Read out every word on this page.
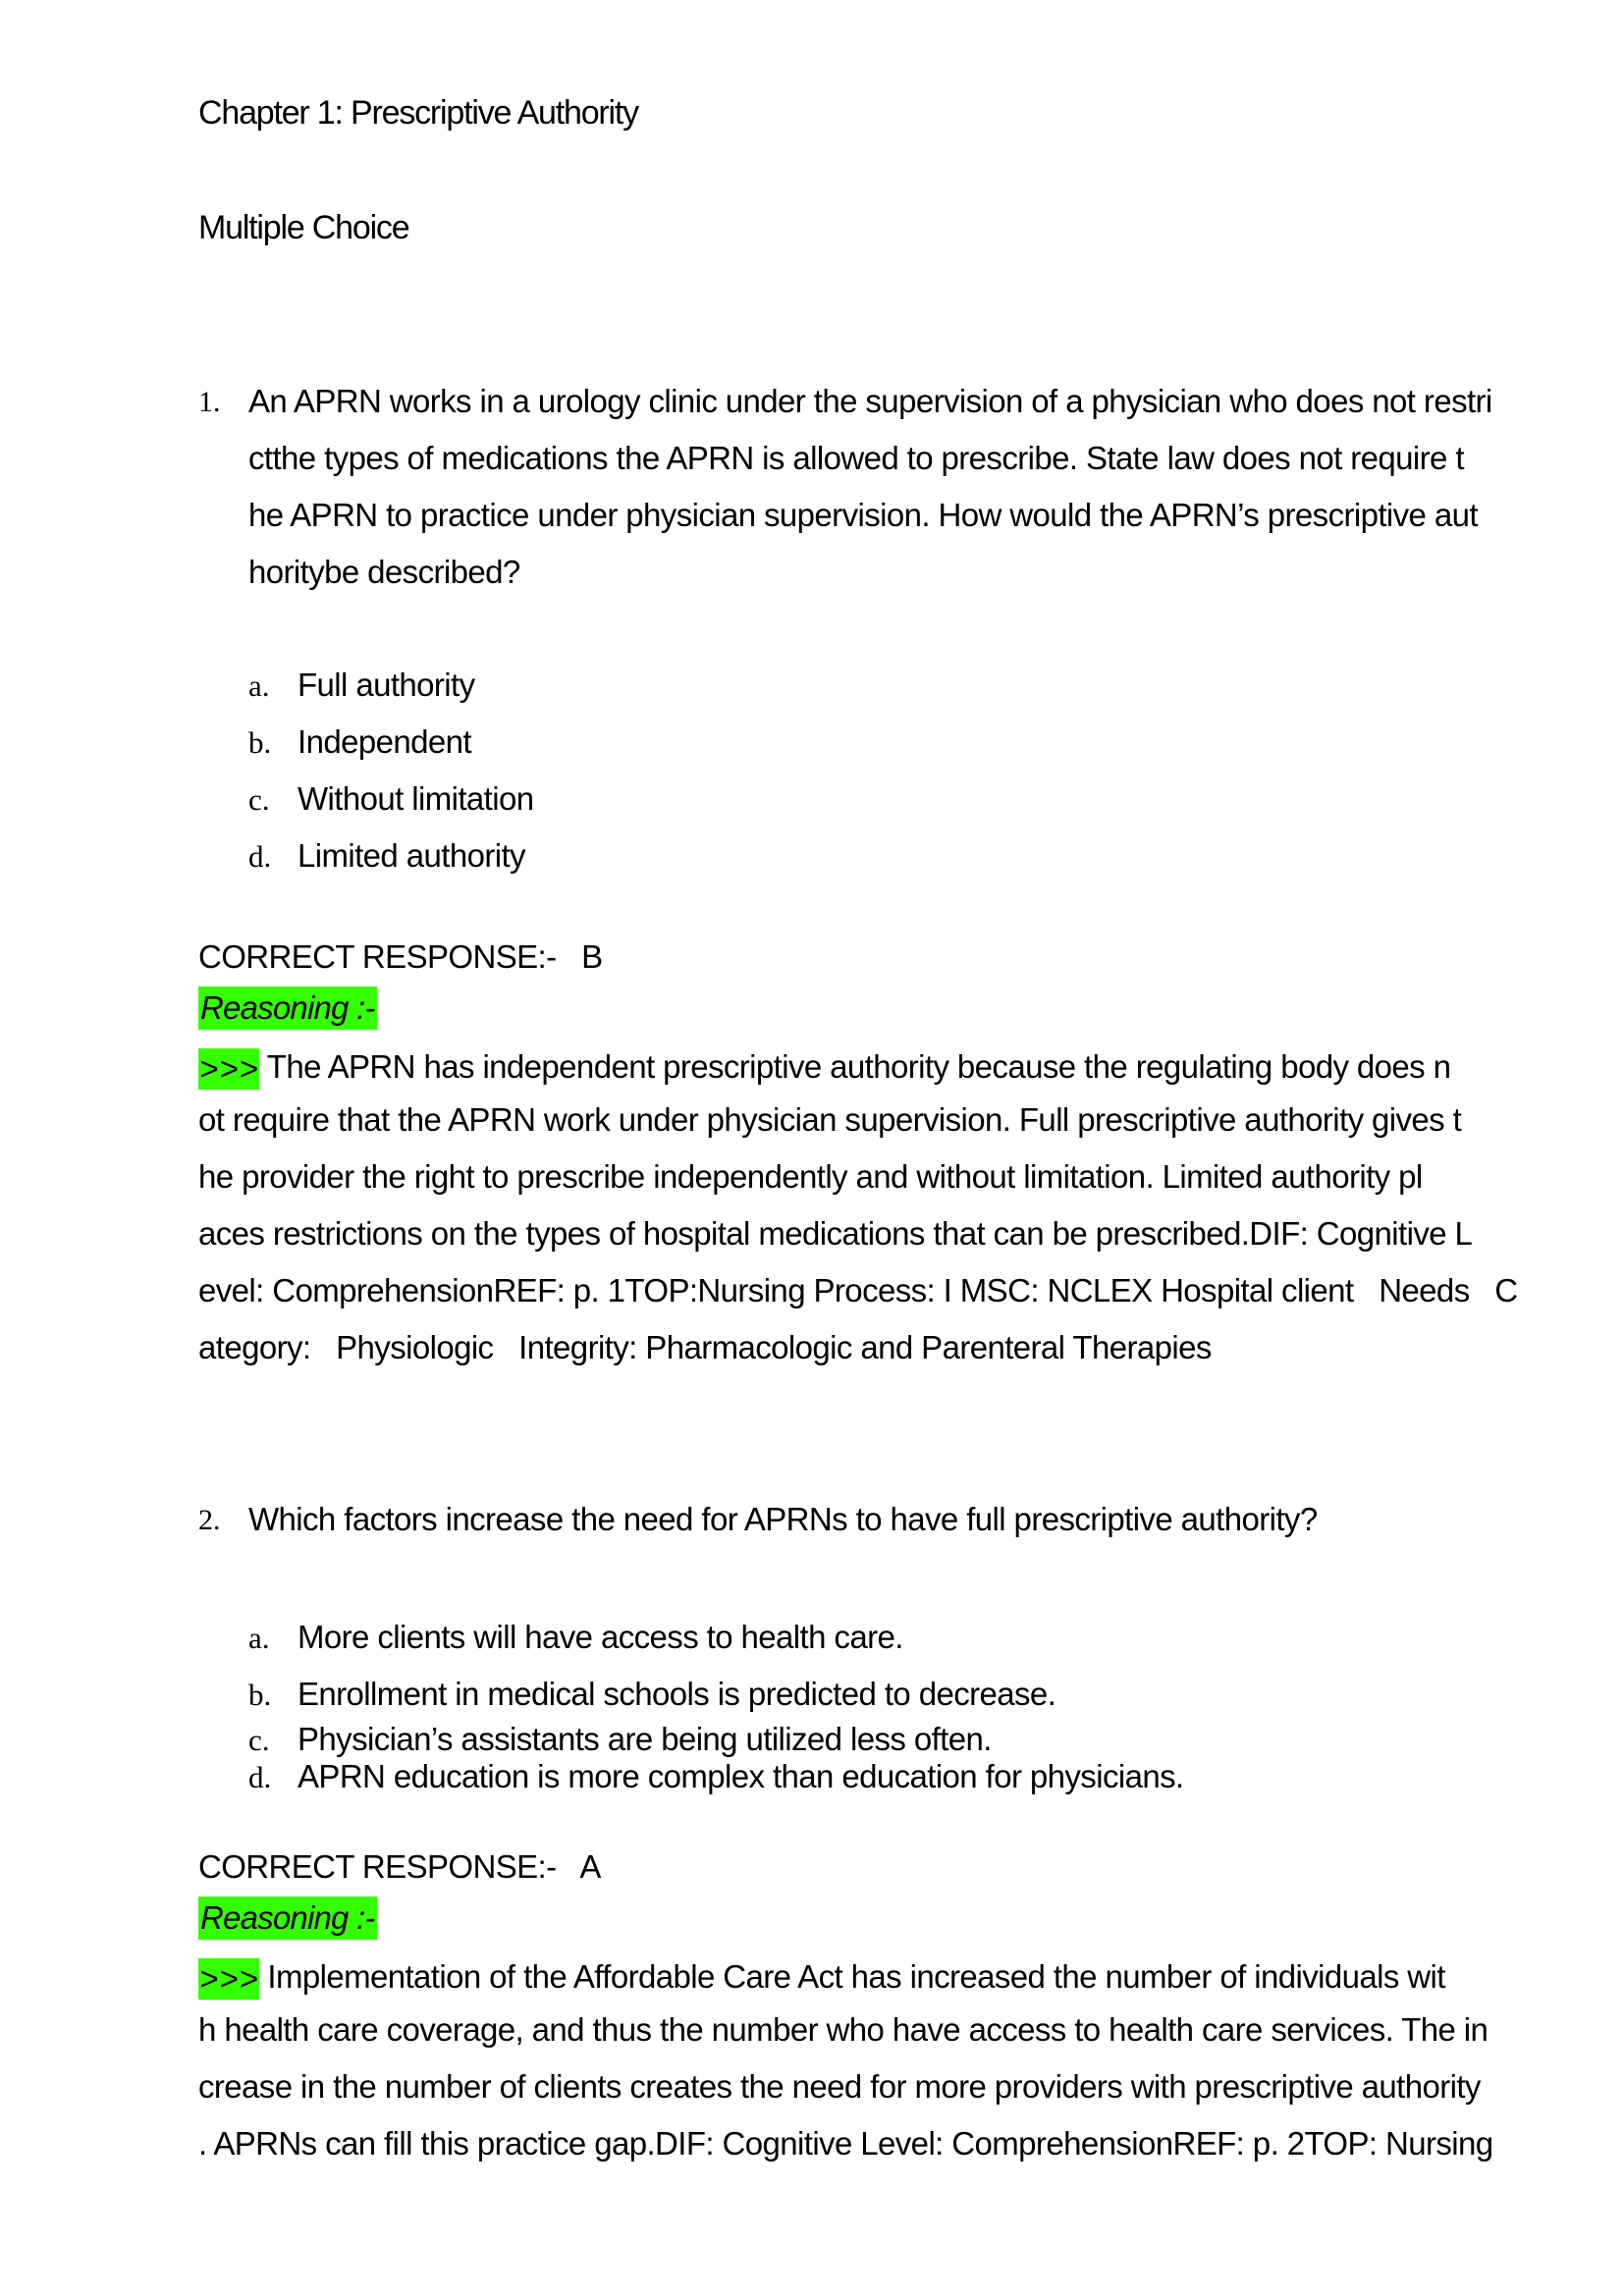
Chapter 1: Prescriptive Authority
Multiple Choice
1. An APRN works in a urology clinic under the supervision of a physician who does not restri
ctthe types of medications the APRN is allowed to prescribe. State law does not require t
he APRN to practice under physician supervision. How would the APRN’s prescriptive aut
horitybe described?
a. Full authority
b. Independent
c. Without limitation
d. Limited authority
CORRECT RESPONSE:-   B
Reasoning :-
>>> The APRN has independent prescriptive authority because the regulating body does n
ot require that the APRN work under physician supervision. Full prescriptive authority gives t
he provider the right to prescribe independently and without limitation. Limited authority pl
aces restrictions on the types of hospital medications that can be prescribed.DIF: Cognitive L
evel: ComprehensionREF: p. 1TOP:Nursing Process: I MSC: NCLEX Hospital client   Needs   C
ategory:   Physiologic   Integrity: Pharmacologic and Parenteral Therapies
2. Which factors increase the need for APRNs to have full prescriptive authority?
a. More clients will have access to health care.
b. Enrollment in medical schools is predicted to decrease.
c. Physician’s assistants are being utilized less often.
d. APRN education is more complex than education for physicians.
CORRECT RESPONSE:-   A
Reasoning :-
>>> Implementation of the Affordable Care Act has increased the number of individuals wit
h health care coverage, and thus the number who have access to health care services. The in
crease in the number of clients creates the need for more providers with prescriptive authority
. APRNs can fill this practice gap.DIF: Cognitive Level: ComprehensionREF: p. 2TOP: Nursing
